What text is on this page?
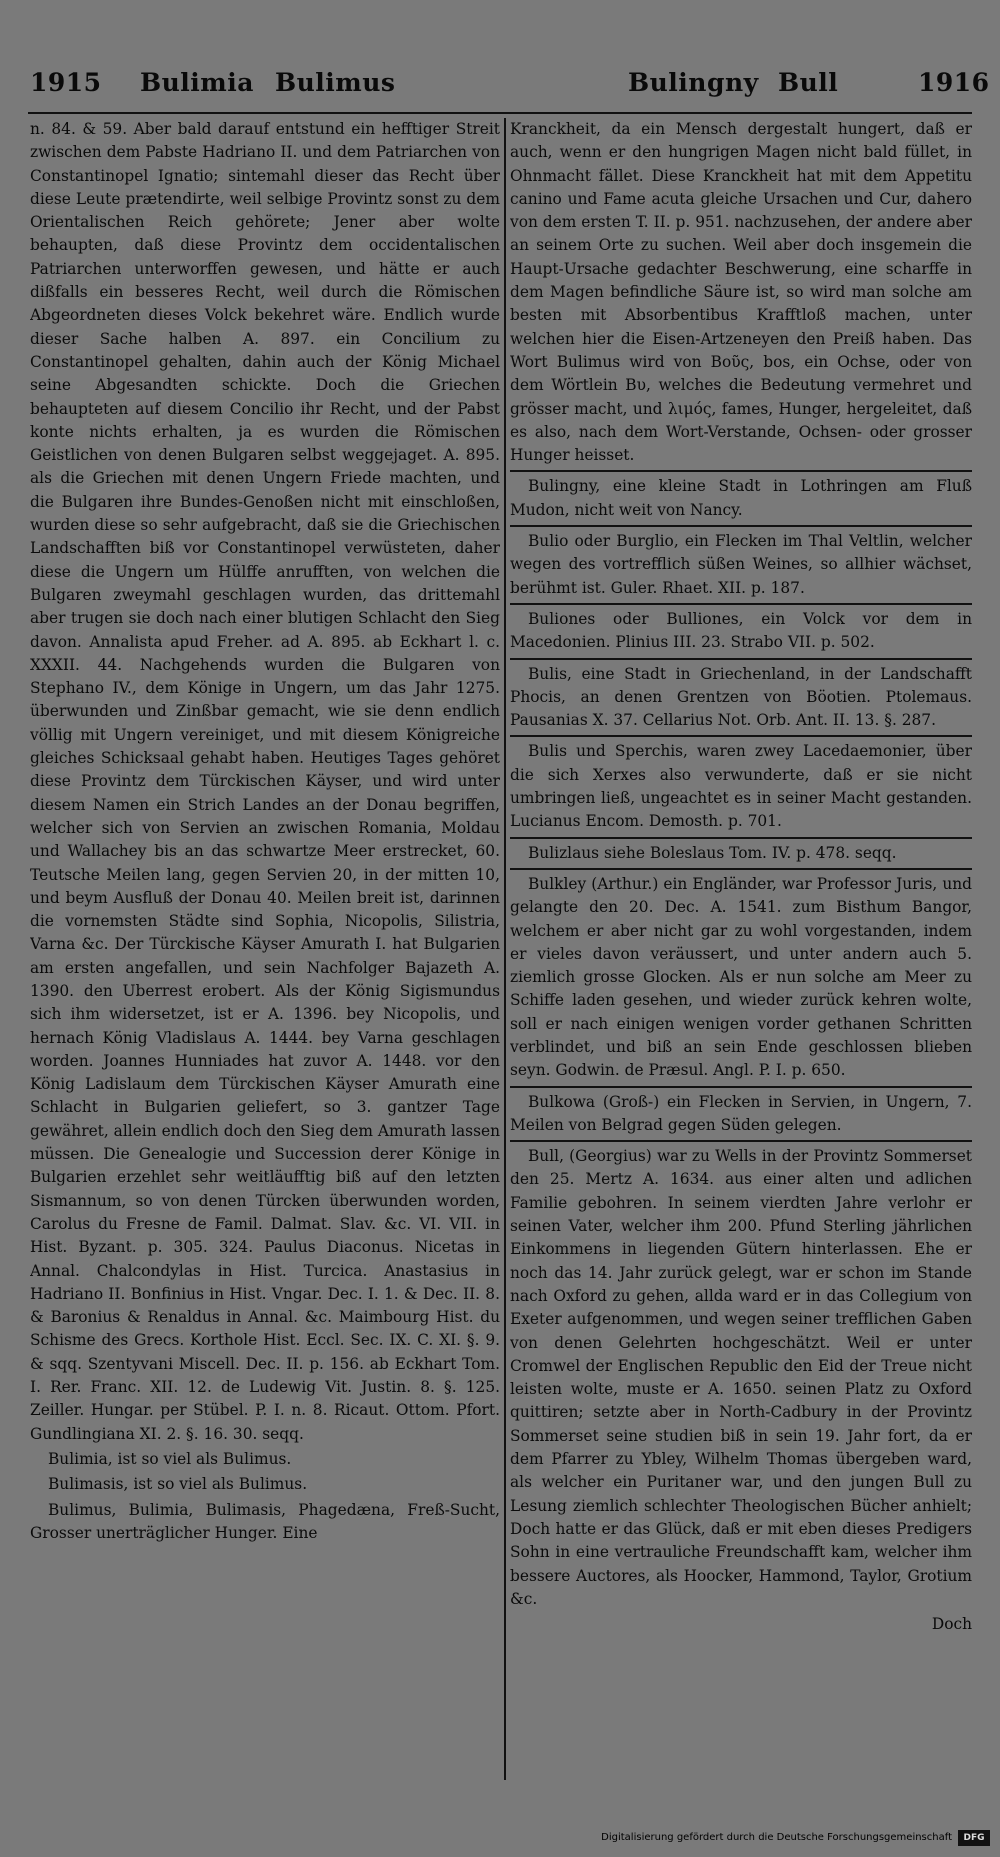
1915 Bulimia Bulimus	Bulingny Bull	1916

n. 84. & 59. Aber bald darauf entstund ein hefftiger Streit zwischen dem Pabste Hadriano II. und dem Patriarchen von Constantinopel Ignatio; sintemahl dieser das Recht über diese Leute prætendirte, weil selbige Provintz sonst zu dem Orientalischen Reich gehörete; Jener aber wolte behaupten, daß diese Provintz dem occidentalischen Patriarchen unterworffen gewesen, und hätte er auch dißfalls ein besseres Recht, weil durch die Römischen Abgeordneten dieses Volck bekehret wäre. Endlich wurde dieser Sache halben A. 897. ein Concilium zu Constantinopel gehalten, dahin auch der König Michael seine Abgesandten schickte. Doch die Griechen behaupteten auf diesem Concilio ihr Recht, und der Pabst konte nichts erhalten, ja es wurden die Römischen Geistlichen von denen Bulgaren selbst weggejaget. A. 895. als die Griechen mit denen Ungern Friede machten, und die Bulgaren ihre Bundes-Genoßen nicht mit einschloßen, wurden diese so sehr aufgebracht, daß sie die Griechischen Landschafften biß vor Constantinopel verwüsteten, daher diese die Ungern um Hülffe anrufften, von welchen die Bulgaren zweymahl geschlagen wurden, das drittemahl aber trugen sie doch nach einer blutigen Schlacht den Sieg davon. Annalista apud Freher. ad A. 895. ab Eckhart l. c. XXXII. 44. Nachgehends wurden die Bulgaren von Stephano IV., dem Könige in Ungern, um das Jahr 1275. überwunden und Zinßbar gemacht, wie sie denn endlich völlig mit Ungern vereiniget, und mit diesem Königreiche gleiches Schicksaal gehabt haben. Heutiges Tages gehöret diese Provintz dem Türckischen Käyser, und wird unter diesem Namen ein Strich Landes an der Donau begriffen, welcher sich von Servien an zwischen Romania, Moldau und Wallachey bis an das schwartze Meer erstrecket, 60. Teutsche Meilen lang, gegen Servien 20, in der mitten 10, und beym Ausfluß der Donau 40. Meilen breit ist, darinnen die vornemsten Städte sind Sophia, Nicopolis, Silistria, Varna &c. Der Türckische Käyser Amurath I. hat Bulgarien am ersten angefallen, und sein Nachfolger Bajazeth A. 1390. den Uberrest erobert. Als der König Sigismundus sich ihm widersetzet, ist er A. 1396. bey Nicopolis, und hernach König Vladislaus A. 1444. bey Varna geschlagen worden. Joannes Hunniades hat zuvor A. 1448. vor den König Ladislaum dem Türckischen Käyser Amurath eine Schlacht in Bulgarien geliefert, so 3. gantzer Tage gewähret, allein endlich doch den Sieg dem Amurath lassen müssen. Die Genealogie und Succession derer Könige in Bulgarien erzehlet sehr weitläufftig biß auf den letzten Sismannum, so von denen Türcken überwunden worden, Carolus du Fresne de Famil. Dalmat. Slav. &c. VI. VII. in Hist. Byzant. p. 305. 324. Paulus Diaconus. Nicetas in Annal. Chalcondylas in Hist. Turcica. Anastasius in Hadriano II. Bonfinius in Hist. Vngar. Dec. I. 1. & Dec. II. 8. & Baronius & Renaldus in Annal. &c. Maimbourg Hist. du Schisme des Grecs. Korthole Hist. Eccl. Sec. IX. C. XI. §. 9. & sqq. Szentyvani Miscell. Dec. II. p. 156. ab Eckhart Tom. I. Rer. Franc. XII. 12. de Ludewig Vit. Justin. 8. §. 125. Zeiller. Hungar. per Stübel. P. I. n. 8. Ricaut. Ottom. Pfort. Gundlingiana XI. 2. §. 16. 30. seqq.

Bulimia, ist so viel als Bulimus.

Bulimasis, ist so viel als Bulimus.

Bulimus, Bulimia, Bulimasis, Phagedæna, Freß-Sucht, Grosser unerträglicher Hunger. Eine

Kranckheit, da ein Mensch dergestalt hungert, daß er auch, wenn er den hungrigen Magen nicht bald füllet, in Ohnmacht fället. Diese Kranckheit hat mit dem Appetitu canino und Fame acuta gleiche Ursachen und Cur, dahero von dem ersten T. II. p. 951. nachzusehen, der andere aber an seinem Orte zu suchen. Weil aber doch insgemein die Haupt-Ursache gedachter Beschwerung, eine scharffe in dem Magen befindliche Säure ist, so wird man solche am besten mit Absorbentibus Krafftloß machen, unter welchen hier die Eisen-Artzeneyen den Preiß haben. Das Wort Bulimus wird von Βοῦς, bos, ein Ochse, oder von dem Wörtlein Βυ, welches die Bedeutung vermehret und grösser macht, und λιμός, fames, Hunger, hergeleitet, daß es also, nach dem Wort-Verstande, Ochsen- oder grosser Hunger heisset.

Bulingny, eine kleine Stadt in Lothringen am Fluß Mudon, nicht weit von Nancy.

Bulio oder Burglio, ein Flecken im Thal Veltlin, welcher wegen des vortrefflich süßen Weines, so allhier wächset, berühmt ist. Guler. Rhaet. XII. p. 187.

Buliones oder Bulliones, ein Volck vor dem in Macedonien. Plinius III. 23. Strabo VII. p. 502.

Bulis, eine Stadt in Griechenland, in der Landschafft Phocis, an denen Grentzen von Böotien. Ptolemaus. Pausanias X. 37. Cellarius Not. Orb. Ant. II. 13. §. 287.

Bulis und Sperchis, waren zwey Lacedaemonier, über die sich Xerxes also verwunderte, daß er sie nicht umbringen ließ, ungeachtet es in seiner Macht gestanden. Lucianus Encom. Demosth. p. 701.

Bulizlaus siehe Boleslaus Tom. IV. p. 478. seqq.

Bulkley (Arthur.) ein Engländer, war Professor Juris, und gelangte den 20. Dec. A. 1541. zum Bisthum Bangor, welchem er aber nicht gar zu wohl vorgestanden, indem er vieles davon veräussert, und unter andern auch 5. ziemlich grosse Glocken. Als er nun solche am Meer zu Schiffe laden gesehen, und wieder zurück kehren wolte, soll er nach einigen wenigen vorder gethanen Schritten verblindet, und biß an sein Ende geschlossen blieben seyn. Godwin. de Præsul. Angl. P. I. p. 650.

Bulkowa (Groß-) ein Flecken in Servien, in Ungern, 7. Meilen von Belgrad gegen Süden gelegen.

Bull, (Georgius) war zu Wells in der Provintz Sommerset den 25. Mertz A. 1634. aus einer alten und adlichen Familie gebohren. In seinem vierdten Jahre verlohr er seinen Vater, welcher ihm 200. Pfund Sterling jährlichen Einkommens in liegenden Gütern hinterlassen. Ehe er noch das 14. Jahr zurück gelegt, war er schon im Stande nach Oxford zu gehen, allda ward er in das Collegium von Exeter aufgenommen, und wegen seiner trefflichen Gaben von denen Gelehrten hochgeschätzt. Weil er unter Cromwel der Englischen Republic den Eid der Treue nicht leisten wolte, muste er A. 1650. seinen Platz zu Oxford quittiren; setzte aber in North-Cadbury in der Provintz Sommerset seine studien biß in sein 19. Jahr fort, da er dem Pfarrer zu Ybley, Wilhelm Thomas übergeben ward, als welcher ein Puritaner war, und den jungen Bull zu Lesung ziemlich schlechter Theologischen Bücher anhielt; Doch hatte er das Glück, daß er mit eben dieses Predigers Sohn in eine vertrauliche Freundschafft kam, welcher ihm bessere Auctores, als Hoocker, Hammond, Taylor, Grotium &c.

Doch

Digitalisierung gefördert durch die Deutsche Forschungsgemeinschaft	DFG
